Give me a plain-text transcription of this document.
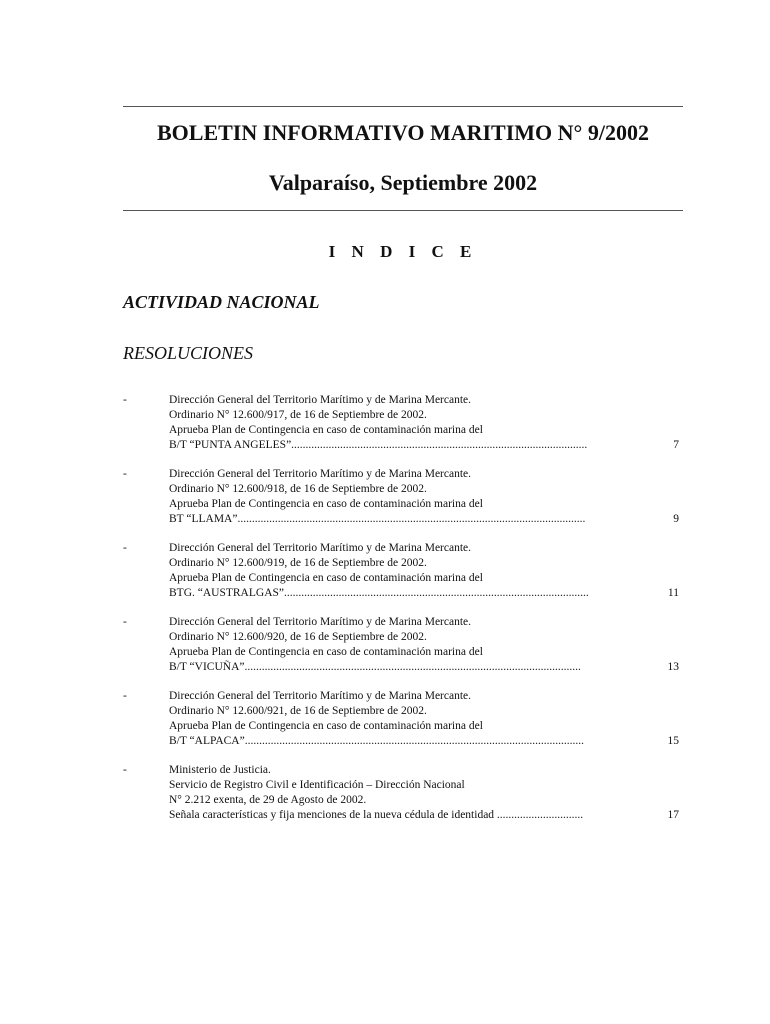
BOLETIN INFORMATIVO MARITIMO N° 9/2002
Valparaíso, Septiembre 2002
I N D I C E
ACTIVIDAD NACIONAL
RESOLUCIONES
-	Dirección General del Territorio Marítimo y de Marina Mercante.
Ordinario N° 12.600/917, de 16 de Septiembre de 2002.
Aprueba Plan de Contingencia en caso de contaminación marina del
B/T “PUNTA ANGELES”.......................................................................................................	7
-	Dirección General del Territorio Marítimo y de Marina Mercante.
Ordinario N° 12.600/918, de 16 de Septiembre de 2002.
Aprueba Plan de Contingencia en caso de contaminación marina del
BT “LLAMA”.........................................................................................................................	9
-	Dirección General del Territorio Marítimo y de Marina Mercante.
Ordinario N° 12.600/919, de 16 de Septiembre de 2002.
Aprueba Plan de Contingencia en caso de contaminación marina del
BTG. “AUSTRALGAS”..........................................................................................................	11
-	Dirección General del Territorio Marítimo y de Marina Mercante.
Ordinario N° 12.600/920, de 16 de Septiembre de 2002.
Aprueba Plan de Contingencia en caso de contaminación marina del
B/T “VICUÑA”.....................................................................................................................	13
-	Dirección General del Territorio Marítimo y de Marina Mercante.
Ordinario N° 12.600/921, de 16 de Septiembre de 2002.
Aprueba Plan de Contingencia en caso de contaminación marina del
B/T “ALPACA”......................................................................................................................	15
-	Ministerio de Justicia.
Servicio de Registro Civil e Identificación – Dirección Nacional
N° 2.212 exenta, de 29 de Agosto de 2002.
Señala características y fija menciones de la nueva cédula de identidad ..............................	17
